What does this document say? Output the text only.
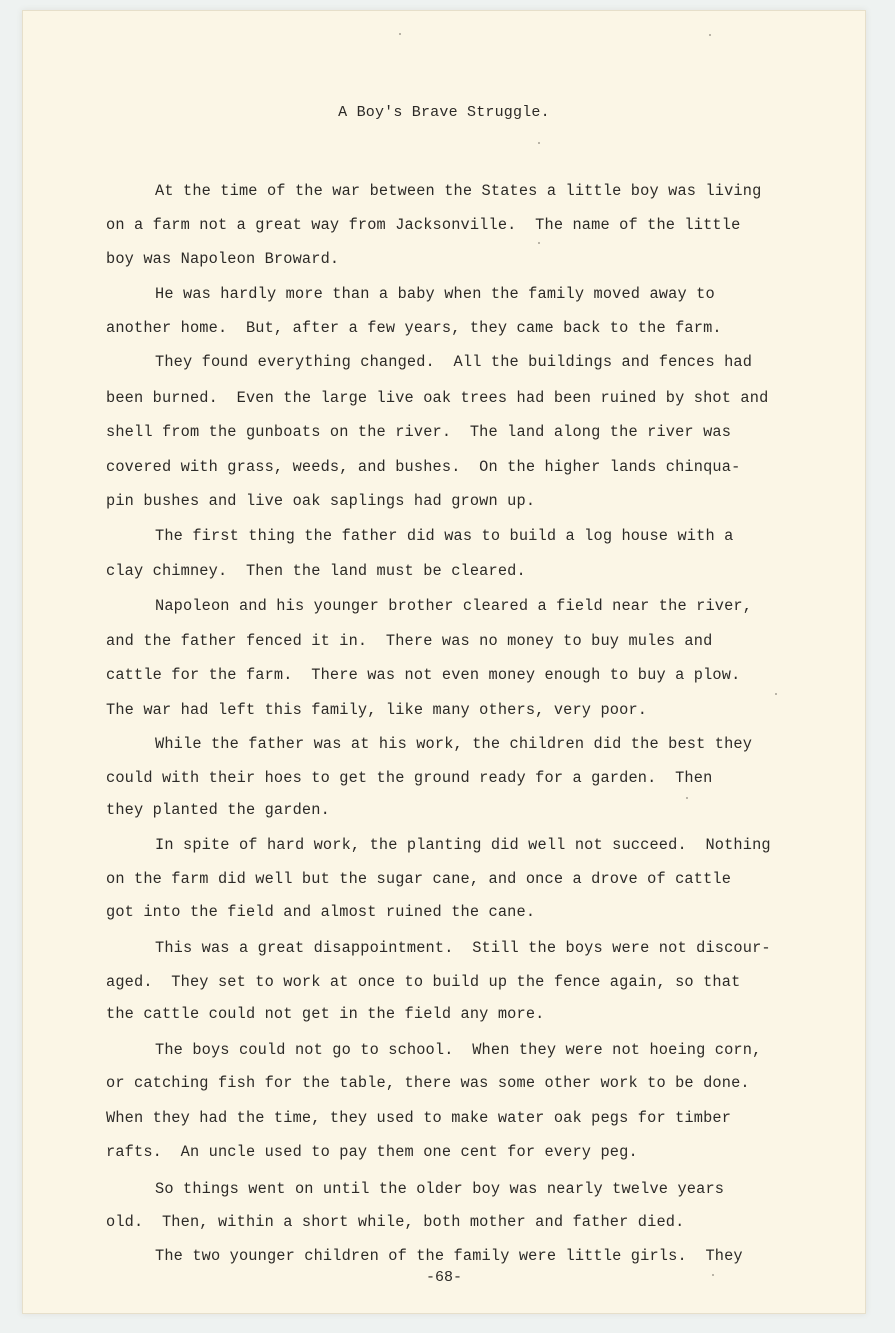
A Boy's Brave Struggle.
At the time of the war between the States a little boy was living
on a farm not a great way from Jacksonville.  The name of the little
boy was Napoleon Broward.
He was hardly more than a baby when the family moved away to
another home.  But, after a few years, they came back to the farm.
They found everything changed.  All the buildings and fences had
been burned.  Even the large live oak trees had been ruined by shot and
shell from the gunboats on the river.  The land along the river was
covered with grass, weeds, and bushes.  On the higher lands chinqua-
pin bushes and live oak saplings had grown up.
The first thing the father did was to build a log house with a
clay chimney.  Then the land must be cleared.
Napoleon and his younger brother cleared a field near the river,
and the father fenced it in.  There was no money to buy mules and
cattle for the farm.  There was not even money enough to buy a plow.
The war had left this family, like many others, very poor.
While the father was at his work, the children did the best they
could with their hoes to get the ground ready for a garden.  Then
they planted the garden.
In spite of hard work, the planting did well not succeed.  Nothing
on the farm did well but the sugar cane, and once a drove of cattle
got into the field and almost ruined the cane.
This was a great disappointment.  Still the boys were not discour-
aged.  They set to work at once to build up the fence again, so that
the cattle could not get in the field any more.
The boys could not go to school.  When they were not hoeing corn,
or catching fish for the table, there was some other work to be done.
When they had the time, they used to make water oak pegs for timber
rafts.  An uncle used to pay them one cent for every peg.
So things went on until the older boy was nearly twelve years
old.  Then, within a short while, both mother and father died.
The two younger children of the family were little girls.  They
-68-
